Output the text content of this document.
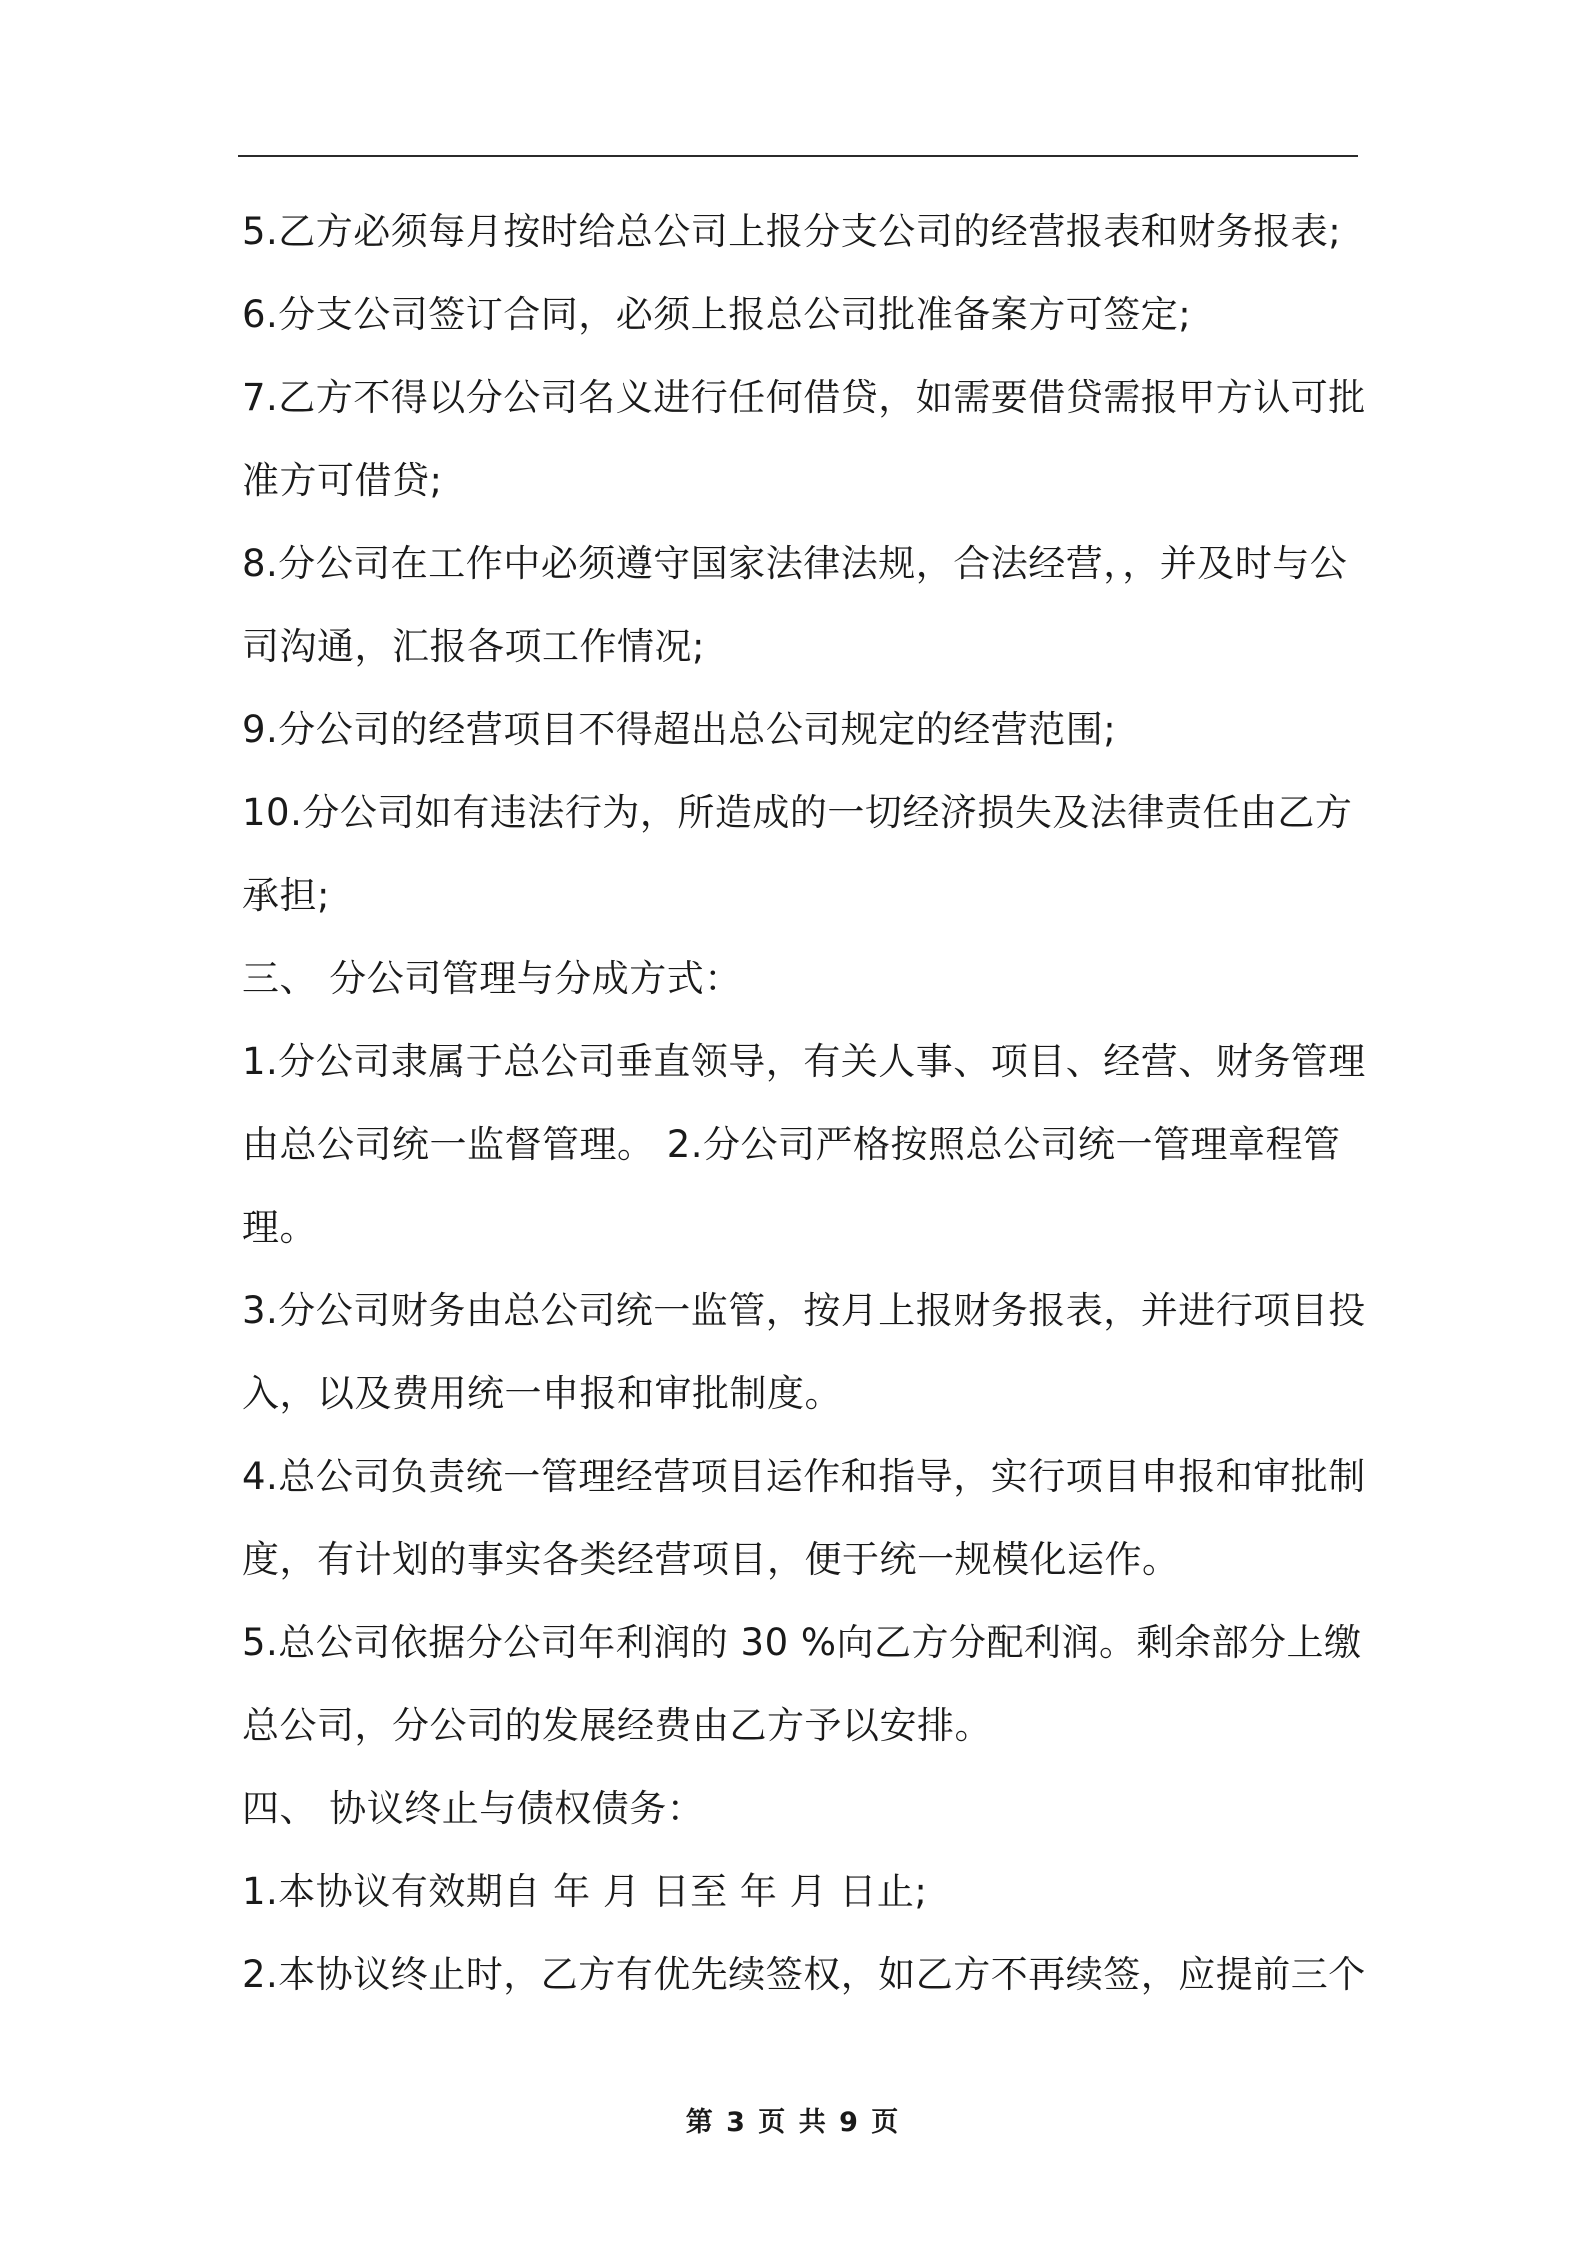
5.乙方必须每月按时给总公司上报分支公司的经营报表和财务报表;
6.分支公司签订合同，必须上报总公司批准备案方可签定;
7.乙方不得以分公司名义进行任何借贷，如需要借贷需报甲方认可批
准方可借贷;
8.分公司在工作中必须遵守国家法律法规，合法经营，，并及时与公
司沟通，汇报各项工作情况;
9.分公司的经营项目不得超出总公司规定的经营范围;
10.分公司如有违法行为，所造成的一切经济损失及法律责任由乙方
承担;
三、 分公司管理与分成方式：
1.分公司隶属于总公司垂直领导，有关人事、项目、经营、财务管理
由总公司统一监督管理。 2.分公司严格按照总公司统一管理章程管
理。
3.分公司财务由总公司统一监管，按月上报财务报表，并进行项目投
入，以及费用统一申报和审批制度。
4.总公司负责统一管理经营项目运作和指导，实行项目申报和审批制
度，有计划的事实各类经营项目，便于统一规模化运作。
5.总公司依据分公司年利润的 30 %向乙方分配利润。剩余部分上缴
总公司，分公司的发展经费由乙方予以安排。
四、 协议终止与债权债务：
1.本协议有效期自 年 月 日至 年 月 日止;
2.本协议终止时，乙方有优先续签权，如乙方不再续签，应提前三个
第 3 页 共 9 页
